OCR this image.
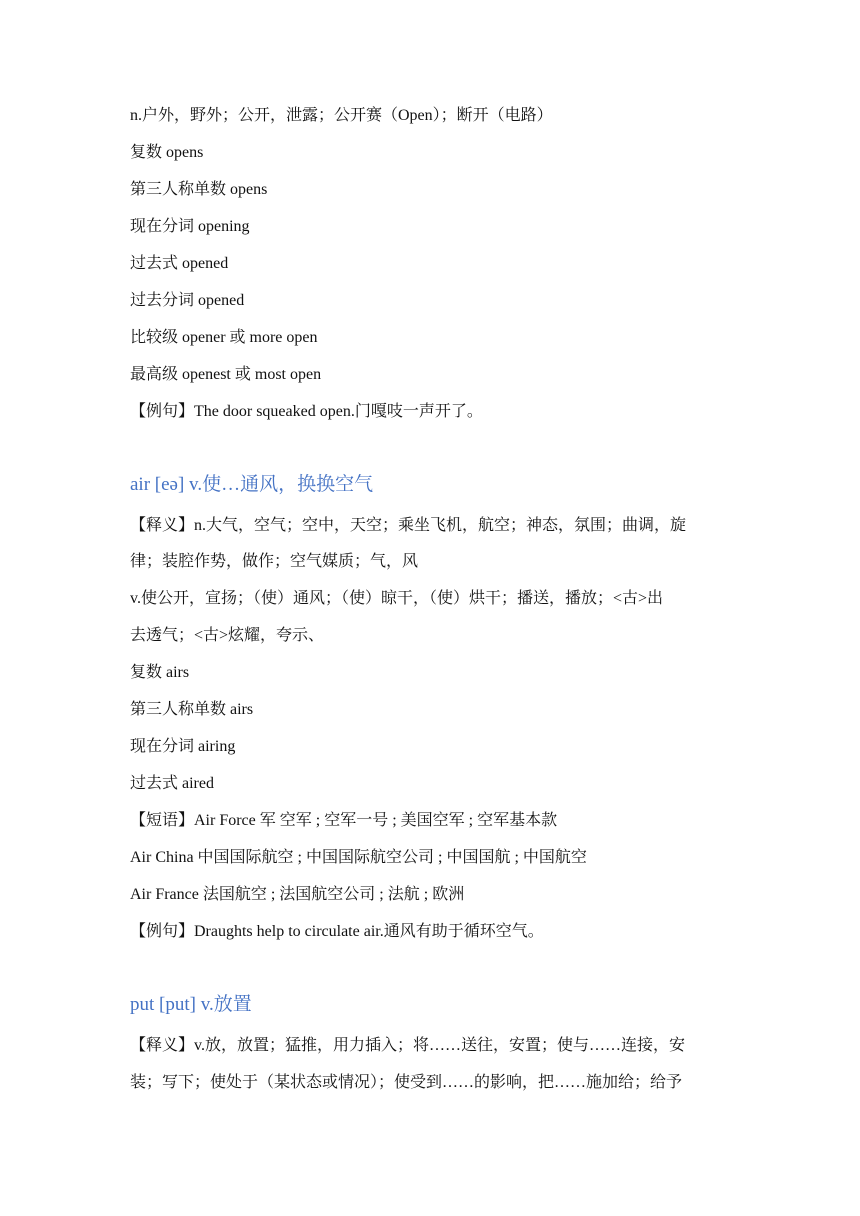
n.户外，野外；公开，泄露；公开赛（Open）；断开（电路）
复数 opens
第三人称单数 opens
现在分词 opening
过去式 opened
过去分词 opened
比较级 opener 或 more open
最高级 openest 或 most open
【例句】The door squeaked open.门嘎吱一声开了。
air [eə] v.使…通风，换换空气
【释义】n.大气，空气；空中，天空；乘坐飞机，航空；神态，氛围；曲调，旋
律；装腔作势，做作；空气媒质；气，风
v.使公开，宣扬；（使）通风；（使）晾干，（使）烘干；播送，播放；<古>出
去透气；<古>炫耀，夸示、
复数 airs
第三人称单数 airs
现在分词 airing
过去式 aired
【短语】Air Force 军 空军 ; 空军一号 ; 美国空军 ; 空军基本款
Air China 中国国际航空 ; 中国国际航空公司 ; 中国国航 ; 中国航空
Air France 法国航空 ; 法国航空公司 ; 法航 ; 欧洲
【例句】Draughts help to circulate air.通风有助于循环空气。
put [put] v.放置
【释义】v.放，放置；猛推，用力插入；将……送往，安置；使与……连接，安
装；写下；使处于（某状态或情况）；使受到……的影响，把……施加给；给予
